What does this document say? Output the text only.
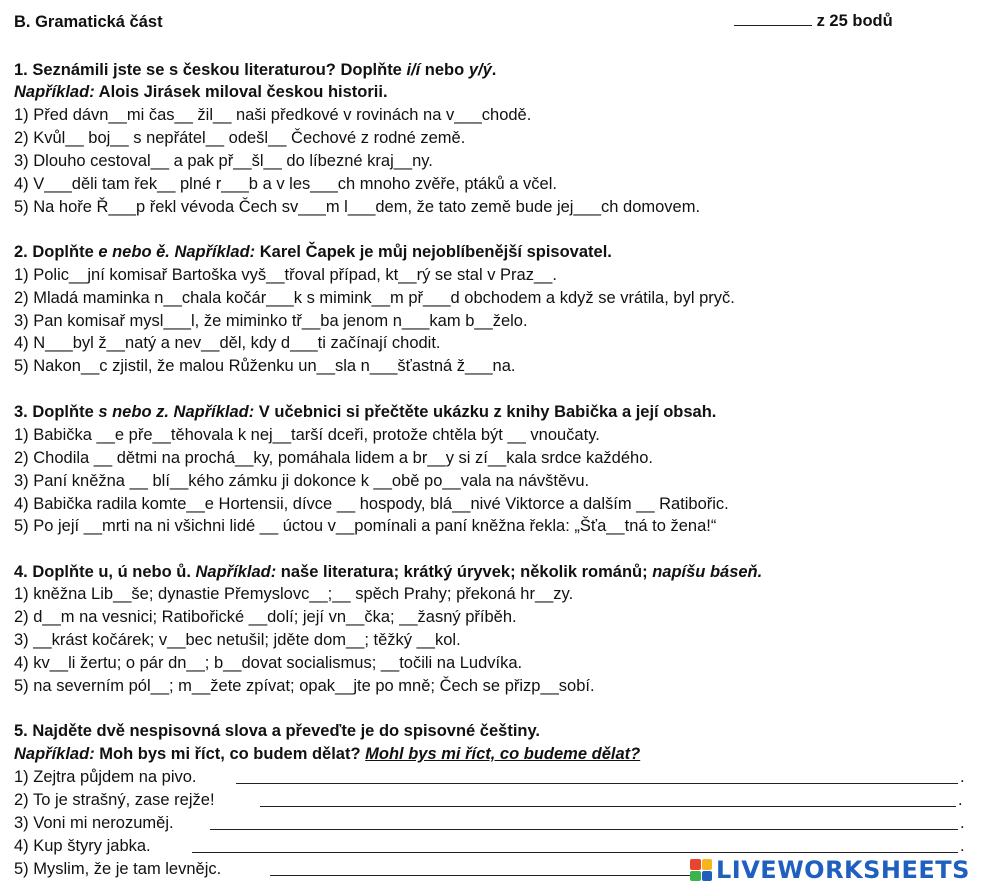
B. Gramatická část	z 25 bodů
1. Seznámili jste se s českou literaturou? Doplňte i/í nebo y/ý.
Například: Alois Jirásek miloval českou historii.
1) Před dávn__mi čas__ žil__ naši předkové v rovinách na v___chodě.
2) Kvůl__ boj__ s nepřátel__ odešl__ Čechové z rodné země.
3) Dlouho cestoval__ a pak př__šl__ do líbezné kraj__ny.
4) V___děli tam řek__ plné r___b a v les___ch mnoho zvěře, ptáků a včel.
5) Na hoře Ř___p řekl vévoda Čech sv___m l___dem, že tato země bude jej___ch domovem.
2. Doplňte e nebo ě. Například: Karel Čapek je můj nejoblíbenější spisovatel.
1) Polic__jní komisař Bartoška vyš__třoval případ, kt__rý se stal v Praz__.
2) Mladá maminka n__chala kočár___k s mimink__m př___d obchodem a když se vrátila, byl pryč.
3) Pan komisař mysl___l, že miminko tř__ba jenom n___kam b__želo.
4) N___byl ž__natý a nev__děl, kdy d___ti začínají chodit.
5) Nakon__c zjistil, že malou Růženku un__sla n___šťastná ž___na.
3. Doplňte s nebo z. Například: V učebnici si přečtěte ukázku z knihy Babička a její obsah.
1) Babička __e pře__těhovala k nej__tarší dceři, protože chtěla být __ vnoučaty.
2) Chodila __ dětmi na prochá__ky, pomáhala lidem a br__y si zí__kala srdce každého.
3) Paní kněžna __ blí__kého zámku ji dokonce k __obě po__vala na návštěvu.
4) Babička radila komte__e Hortensii, dívce __ hospody, blá__nivé Viktorce a dalším __ Ratibořic.
5) Po její __mrti na ni všichni lidé __ úctou v__pomínali a paní kněžna řekla: „Šťa__tná to žena!“
4. Doplňte u, ú nebo ů. Například: naše literatura; krátký úryvek; několik románů; napíšu báseň.
1) kněžna Lib__še; dynastie Přemyslovc__;__ spěch Prahy; překoná hr__zy.
2) d__m na vesnici; Ratibořické __dolí; její vn__čka; __žasný příběh.
3) __krást kočárek; v__bec netušil; jděte dom__; těžký __kol.
4) kv__li žertu; o pár dn__; b__dovat socialismus; __točili na Ludvíka.
5) na severním pól__; m__žete zpívat; opak__jte po mně; Čech se přizp__sobí.
5. Najděte dvě nespisovná slova a převeďte je do spisovné češtiny.
Například: Moh bys mi říct, co budem dělat? Mohl bys mi říct, co budeme dělat?
1) Zejtra půjdem na pivo.	.
2) To je strašný, zase rejže!	.
3) Voni mi nerozuměj.	.
4) Kup štyry jabka.	.
5) Myslim, že je tam levnějc.	LIVEWORKSHEETS
